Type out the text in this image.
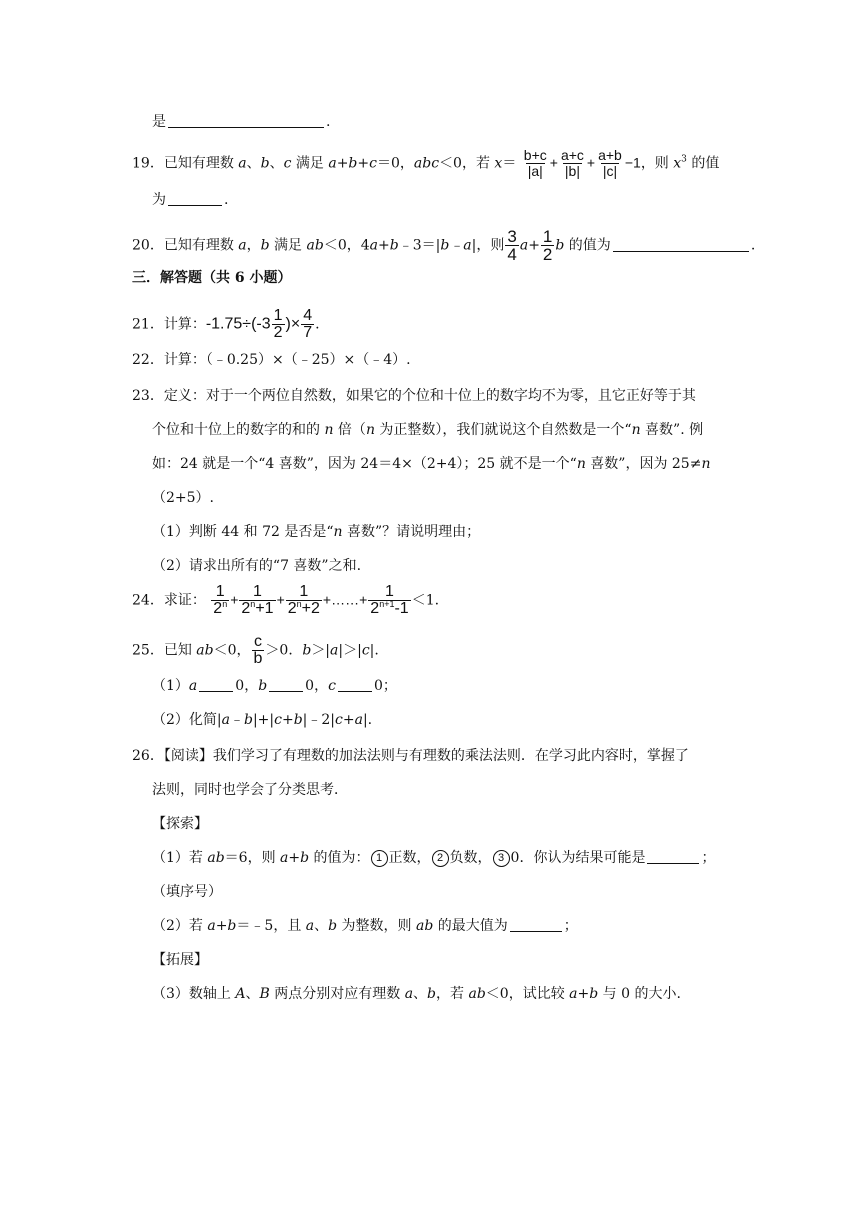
是	.
19．已知有理数 a、b、c 满足 a+b+c＝0，abc＜0，若 $x= \frac{b+c}{|a|} + \frac{a+c}{|b|} + \frac{a+b}{|c|} -1$，则 $x^3$ 的值
为	.
20．已知有理数 a，b 满足 ab＜0，4a+b﹣3＝|b﹣a|，则 $\frac{3}{4} a+ \frac{1}{2}$ b 的值为	.
三．解答题（共 6 小题）
21．计算：$-1.75\div(-3 \frac{1}{2}$ )× $\frac{4}{7}$ .
22．计算：（﹣0.25）×（﹣25）×（﹣4）.
23．定义：对于一个两位自然数，如果它的个位和十位上的数字均不为零，且它正好等于其
个位和十位上的数字的和的 n 倍（n 为正整数），我们就说这个自然数是一个“n 喜数”. 例
如：24 就是一个“4 喜数”，因为 24＝4×（2+4）；25 就不是一个“n 喜数”，因为 25≠n
（2+5）.
（1）判断 44 和 72 是否是“n 喜数”？请说明理由；
（2）请求出所有的“7 喜数”之和.
24．求证： $\frac{1}{2^n} + \frac{1}{2^n+1} + \frac{1}{2^n+2}$ +……+ $\frac{1}{2^{n+1}-1} <1$.
25．已知 ab＜0， $\frac{c}{b} >0$．b＞|a|＞|c|.
（1）a	0，b	0，c	0；
（2）化简|a﹣b|+|c+b|﹣2|c+a|.
26．【阅读】我们学习了有理数的加法法则与有理数的乘法法则．在学习此内容时，掌握了
法则，同时也学会了分类思考．
【探索】
（1）若 ab＝6，则 a+b 的值为： 1 正数， 2 负数， 3 0．你认为结果可能是	；
（填序号）
（2）若 a+b＝﹣5，且 a、b 为整数，则 ab 的最大值为	；
【拓展】
（3）数轴上 A、B 两点分别对应有理数 a、b，若 ab＜0，试比较 a+b 与 0 的大小.
